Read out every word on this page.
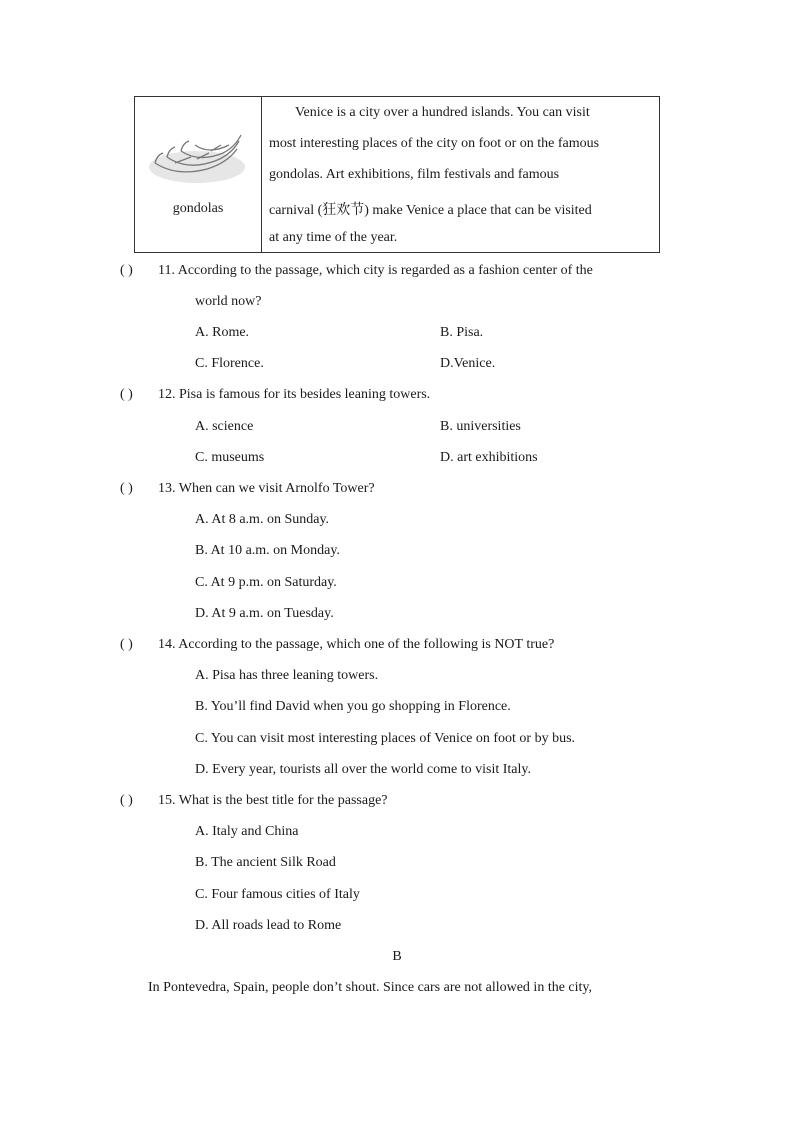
gondolas
Venice is a city over a hundred islands. You can visit
most interesting places of the city on foot or on the famous
gondolas. Art exhibitions, film festivals and famous
carnival (狂欢节) make Venice a place that can be visited
at any time of the year.
( ) 11. According to the passage, which city is regarded as a fashion center of the
world now?
A. Rome.	B. Pisa.
C. Florence.	D.Venice.
( ) 12. Pisa is famous for its besides leaning towers.
A. science	B. universities
C. museums	D. art exhibitions
( ) 13. When can we visit Arnolfo Tower?
A. At 8 a.m. on Sunday.
B. At 10 a.m. on Monday.
C. At 9 p.m. on Saturday.
D. At 9 a.m. on Tuesday.
( ) 14. According to the passage, which one of the following is NOT true?
A. Pisa has three leaning towers.
B. You’ll find David when you go shopping in Florence.
C. You can visit most interesting places of Venice on foot or by bus.
D. Every year, tourists all over the world come to visit Italy.
( ) 15. What is the best title for the passage?
A. Italy and China
B. The ancient Silk Road
C. Four famous cities of Italy
D. All roads lead to Rome
B
In Pontevedra, Spain, people don’t shout. Since cars are not allowed in the city,
